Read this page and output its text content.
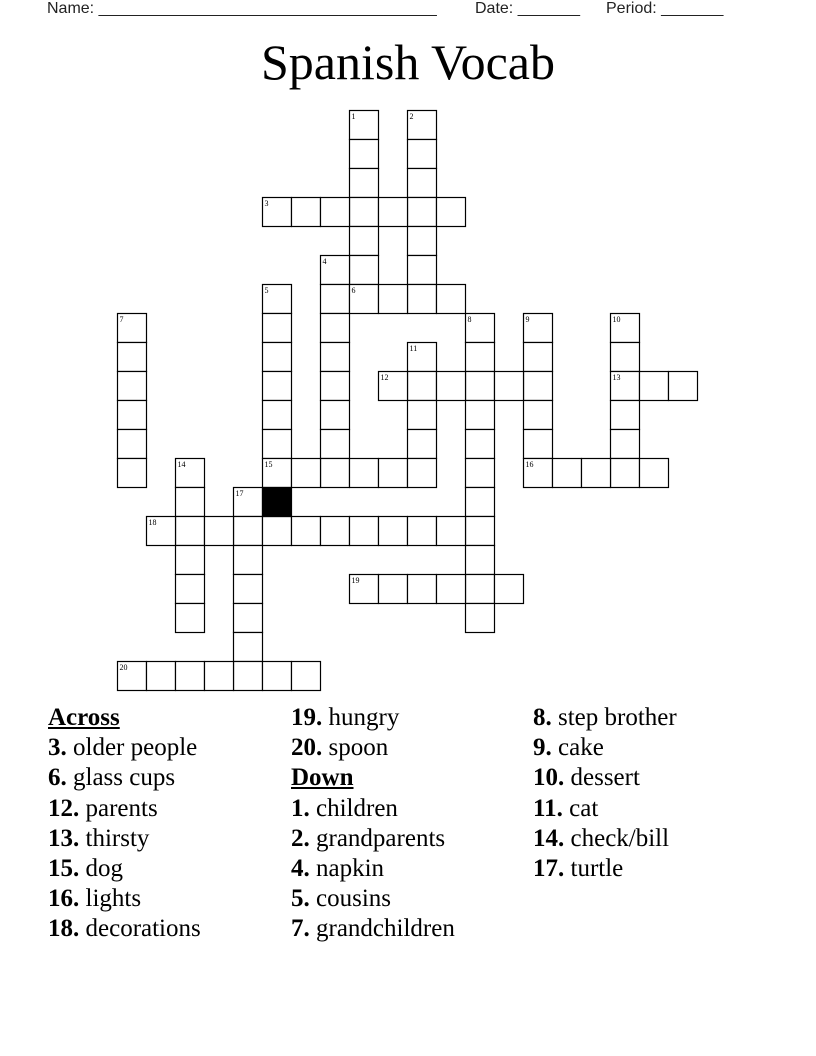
Name: ______________________________________ Date: _______ Period: _______
Spanish Vocab
1	2
3
4
5	6
7	8	9	10
11
12	13
14	15	16
17
18
19
20
Across
3. older people
6. glass cups
12. parents
13. thirsty
15. dog
16. lights
18. decorations
19. hungry
20. spoon
Down
1. children
2. grandparents
4. napkin
5. cousins
7. grandchildren
8. step brother
9. cake
10. dessert
11. cat
14. check/bill
17. turtle
